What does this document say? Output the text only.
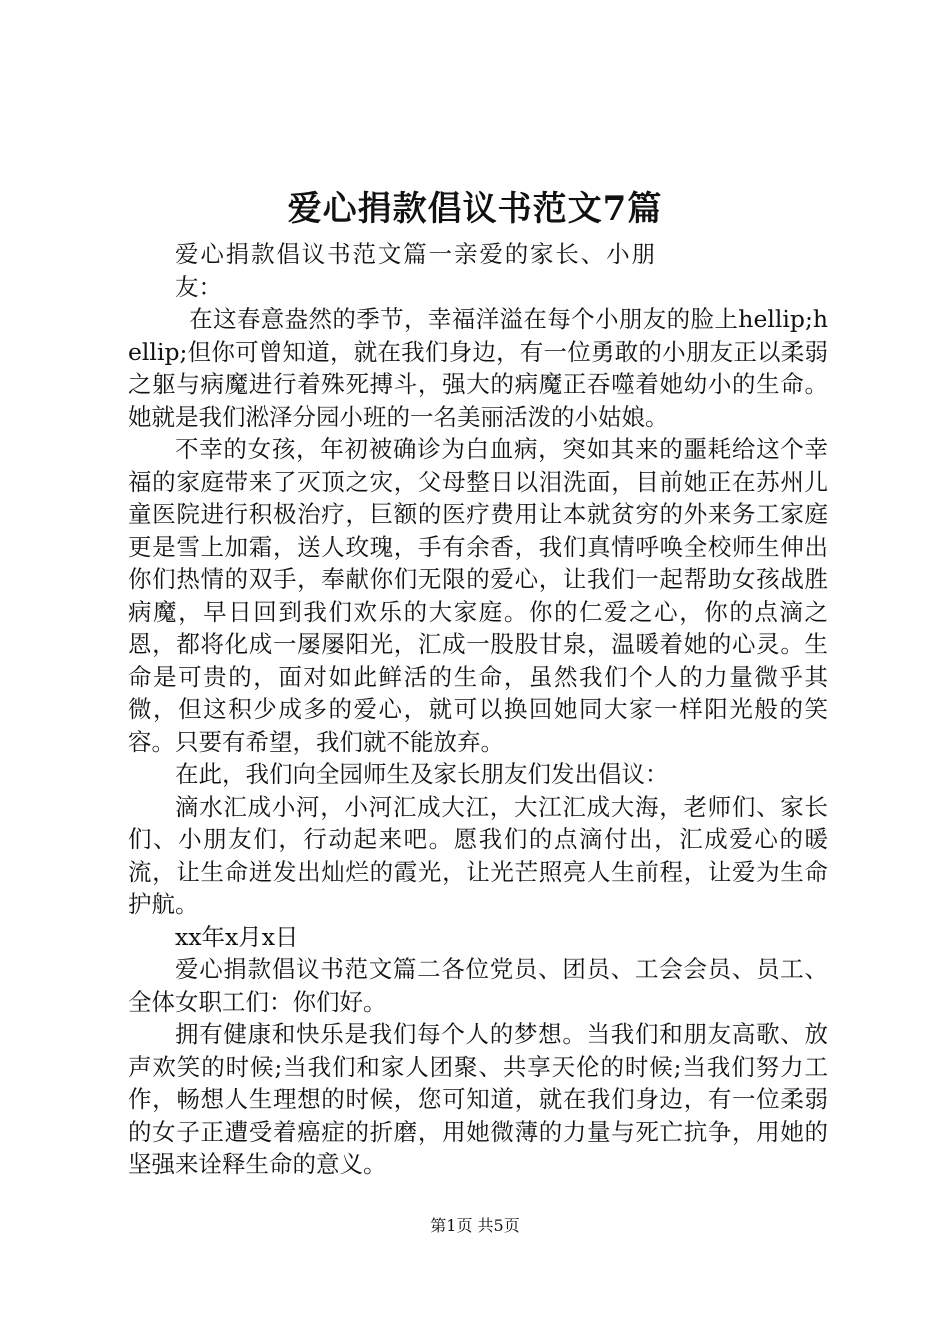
爱心捐款倡议书范文7篇

爱心捐款倡议书范文篇一亲爱的家长、小朋友：

在这春意盎然的季节，幸福洋溢在每个小朋友的脸上hellip;hellip;但你可曾知道，就在我们身边，有一位勇敢的小朋友正以柔弱之躯与病魔进行着殊死搏斗，强大的病魔正吞噬着她幼小的生命。她就是我们淞泽分园小班的一名美丽活泼的小姑娘。

不幸的女孩，年初被确诊为白血病，突如其来的噩耗给这个幸福的家庭带来了灭顶之灾，父母整日以泪洗面，目前她正在苏州儿童医院进行积极治疗，巨额的医疗费用让本就贫穷的外来务工家庭更是雪上加霜，送人玫瑰，手有余香，我们真情呼唤全校师生伸出你们热情的双手，奉献你们无限的爱心，让我们一起帮助女孩战胜病魔，早日回到我们欢乐的大家庭。你的仁爱之心，你的点滴之恩，都将化成一屡屡阳光，汇成一股股甘泉，温暖着她的心灵。生命是可贵的，面对如此鲜活的生命，虽然我们个人的力量微乎其微，但这积少成多的爱心，就可以换回她同大家一样阳光般的笑容。只要有希望，我们就不能放弃。

在此，我们向全园师生及家长朋友们发出倡议：

滴水汇成小河，小河汇成大江，大江汇成大海，老师们、家长们、小朋友们，行动起来吧。愿我们的点滴付出，汇成爱心的暖流，让生命迸发出灿烂的霞光，让光芒照亮人生前程，让爱为生命护航。

xx年x月x日

爱心捐款倡议书范文篇二各位党员、团员、工会会员、员工、全体女职工们：你们好。

拥有健康和快乐是我们每个人的梦想。当我们和朋友高歌、放声欢笑的时候;当我们和家人团聚、共享天伦的时候;当我们努力工作，畅想人生理想的时候，您可知道，就在我们身边，有一位柔弱的女子正遭受着癌症的折磨，用她微薄的力量与死亡抗争，用她的坚强来诠释生命的意义。

第1页 共5页
